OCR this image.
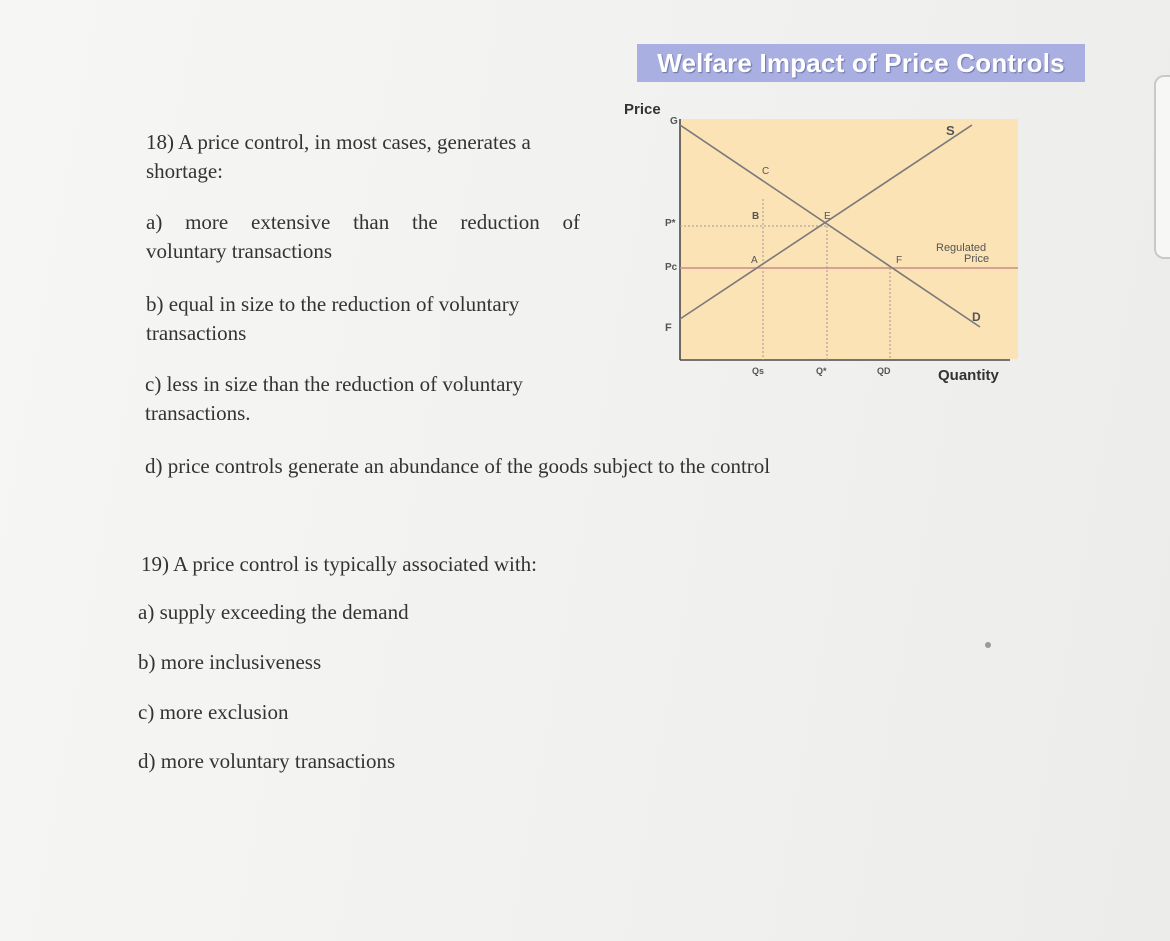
Welfare Impact of Price Controls
Price
G
C
S
B	E
A	F
D
P*
Pc
F
Qs	Q*	QD
Regulated
Price
Quantity
18) A price control, in most cases, generates a shortage:
a) more extensive than the reduction of
voluntary transactions
b) equal in size to the reduction of voluntary transactions
c) less in size than the reduction of voluntary transactions.
d) price controls generate an abundance of the goods subject to the control
19) A price control is typically associated with:
a) supply exceeding the demand
b) more inclusiveness
c) more exclusion
d) more voluntary transactions
